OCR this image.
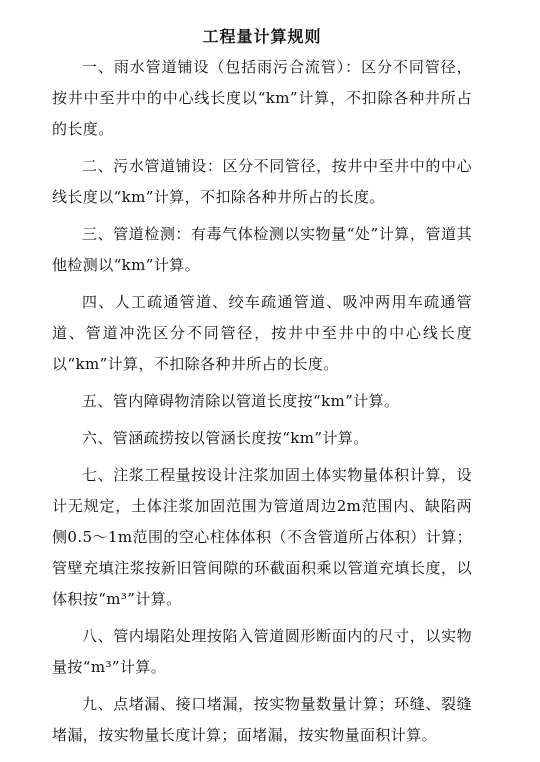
工程量计算规则

一、雨水管道铺设（包括雨污合流管）：区分不同管径，按井中至井中的中心线长度以“km”计算，不扣除各种井所占的长度。

二、污水管道铺设：区分不同管径，按井中至井中的中心线长度以“km”计算，不扣除各种井所占的长度。

三、管道检测：有毒气体检测以实物量“处”计算，管道其他检测以“km”计算。

四、人工疏通管道、绞车疏通管道、吸冲两用车疏通管道、管道冲洗区分不同管径，按井中至井中的中心线长度以“km”计算，不扣除各种井所占的长度。

五、管内障碍物清除以管道长度按“km”计算。

六、管涵疏捞按以管涵长度按“km”计算。

七、注浆工程量按设计注浆加固土体实物量体积计算，设计无规定，土体注浆加固范围为管道周边2m范围内、缺陷两侧0.5～1m范围的空心柱体体积（不含管道所占体积）计算；管壁充填注浆按新旧管间隙的环截面积乘以管道充填长度，以体积按“m³”计算。

八、管内塌陷处理按陷入管道圆形断面内的尺寸，以实物量按“m³”计算。

九、点堵漏、接口堵漏，按实物量数量计算；环缝、裂缝堵漏，按实物量长度计算；面堵漏，按实物量面积计算。
